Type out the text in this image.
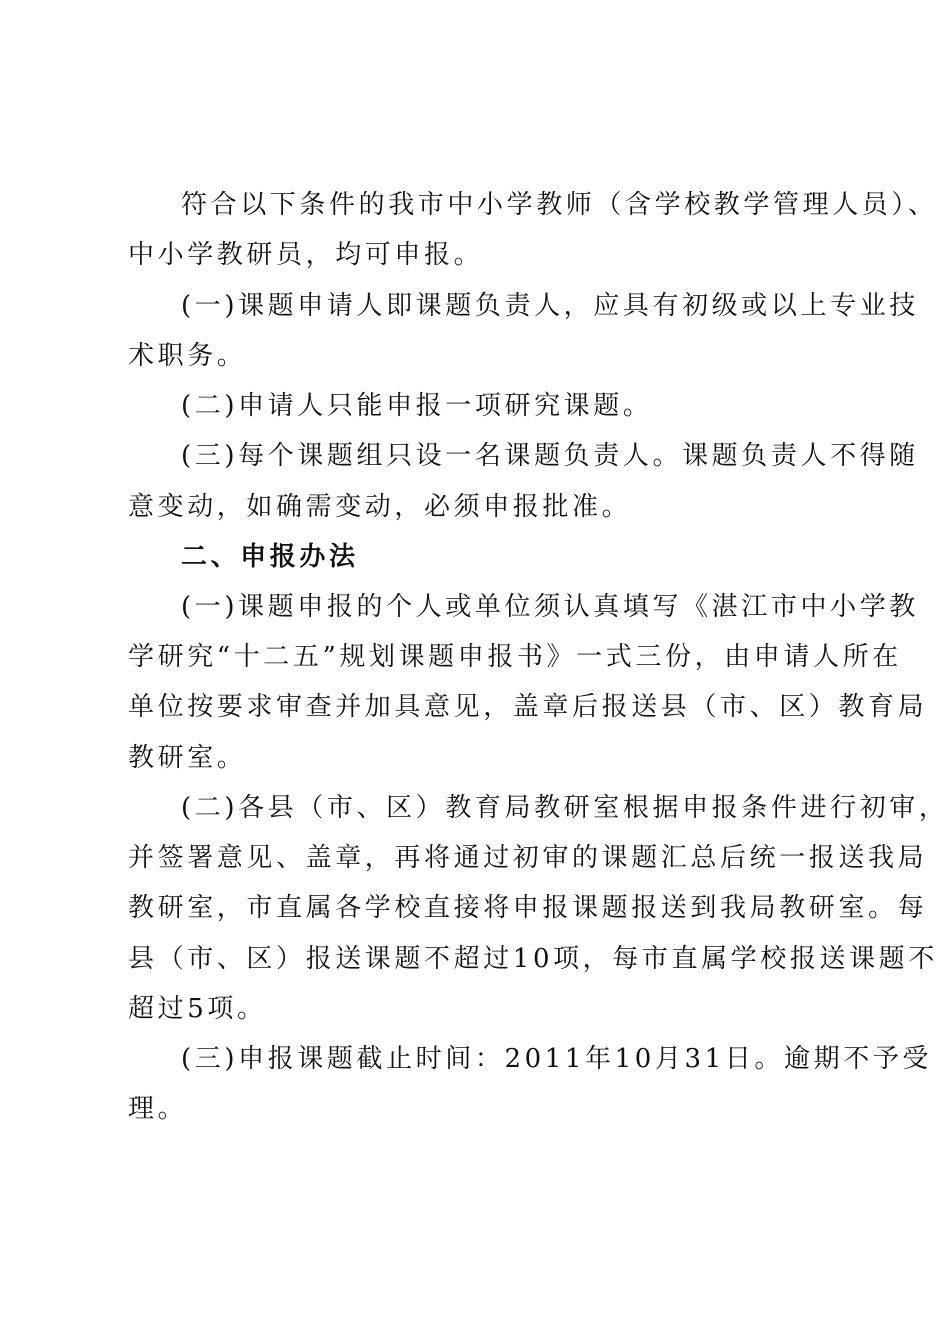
符合以下条件的我市中小学教师（含学校教学管理人员）、
中小学教研员，均可申报。
(一)课题申请人即课题负责人，应具有初级或以上专业技
术职务。
(二)申请人只能申报一项研究课题。
(三)每个课题组只设一名课题负责人。课题负责人不得随
意变动，如确需变动，必须申报批准。
二、申报办法
(一)课题申报的个人或单位须认真填写《湛江市中小学教
学研究“十二五”规划课题申报书》一式三份，由申请人所在
单位按要求审查并加具意见，盖章后报送县（市、区）教育局
教研室。
(二)各县（市、区）教育局教研室根据申报条件进行初审，
并签署意见、盖章，再将通过初审的课题汇总后统一报送我局
教研室，市直属各学校直接将申报课题报送到我局教研室。每
县（市、区）报送课题不超过10项，每市直属学校报送课题不
超过5项。
(三)申报课题截止时间：2011年10月31日。逾期不予受
理。
